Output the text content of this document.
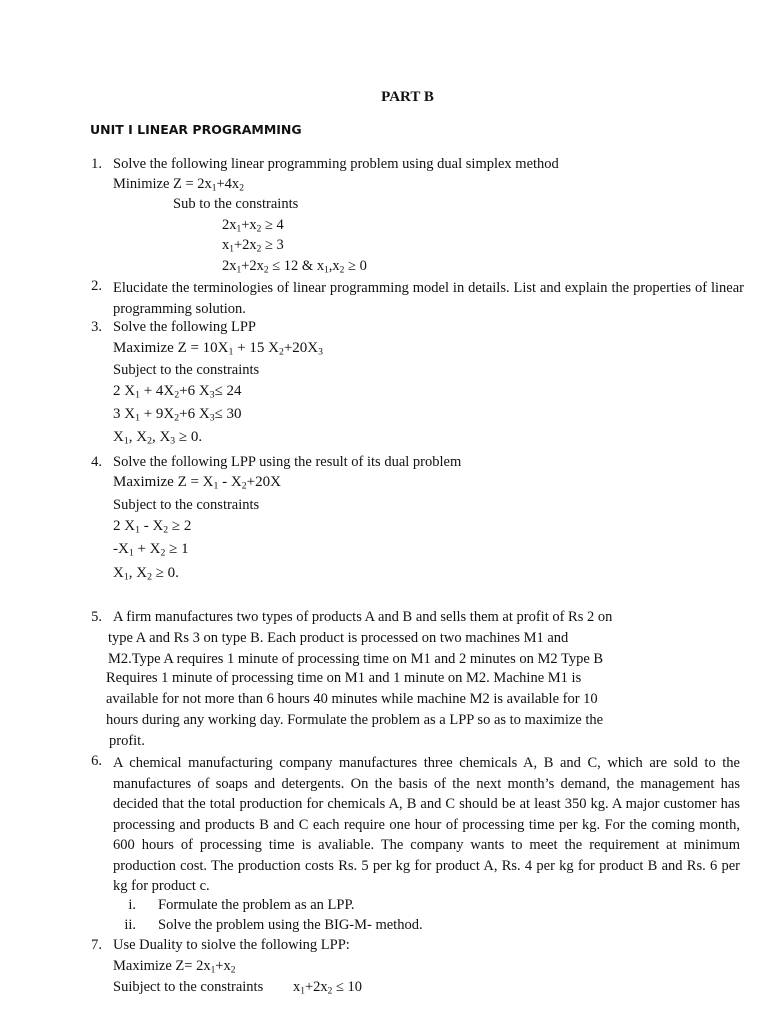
PART B
UNIT I LINEAR PROGRAMMING
1. Solve the following linear programming problem using dual simplex method
Minimize $Z = 2x_1+4x_2$
Sub to the constraints
$2x_1+x_2 \ge 4$
$x_1+2x_2 \ge 3$
$2x_1+2x_2 \le 12$ & $x_1,x_2 \ge 0$
2. Elucidate the terminologies of linear programming model in details. List and explain the properties of linear programming solution.
3. Solve the following LPP
Maximize $Z = 10X_1 + 15$ $X_2+20X_3$
Subject to the constraints
2 $X_1 + 4X_2+6$ $X_3\le 24$
3 $X_1 + 9X_2+6$ $X_3\le 30$
$X_1$, $X_2$, $X_3 \ge 0$.
4. Solve the following LPP using the result of its dual problem
Maximize $Z = X_1 - X_2+20X$
Subject to the constraints
2 $X_1 - X_2 \ge 2$
$-X_1 + X_2 \ge 1$
$X_1$, $X_2 \ge 0$.
5. A firm manufactures two types of products A and B and sells them at profit of Rs 2 on
type A and Rs 3 on type B. Each product is processed on two machines M1 and
M2.Type A requires 1 minute of processing time on M1 and 2 minutes on M2 Type B
Requires 1 minute of processing time on M1 and 1 minute on M2. Machine M1 is
available for not more than 6 hours 40 minutes while machine M2 is available for 10
hours during any working day. Formulate the problem as a LPP so as to maximize the
profit.
6. A chemical manufacturing company manufactures three chemicals A, B and C, which are sold to the manufactures of soaps and detergents. On the basis of the next month’s demand, the management has decided that the total production for chemicals A, B and C should be at least 350 kg. A major customer has processing and products B and C each require one hour of processing time per kg. For the coming month, 600 hours of processing time is avaliable. The company wants to meet the requirement at minimum production cost. The production costs Rs. 5 per kg for product A, Rs. 4 per kg for product B and Rs. 6 per kg for product c.
i. Formulate the problem as an LPP.
ii. Solve the problem using the BIG-M- method.
7. Use Duality to siolve the following LPP:
Maximize $Z= 2x_1+x_2$
Suibject to the constraints $x_1+2x_2 \le 10$
